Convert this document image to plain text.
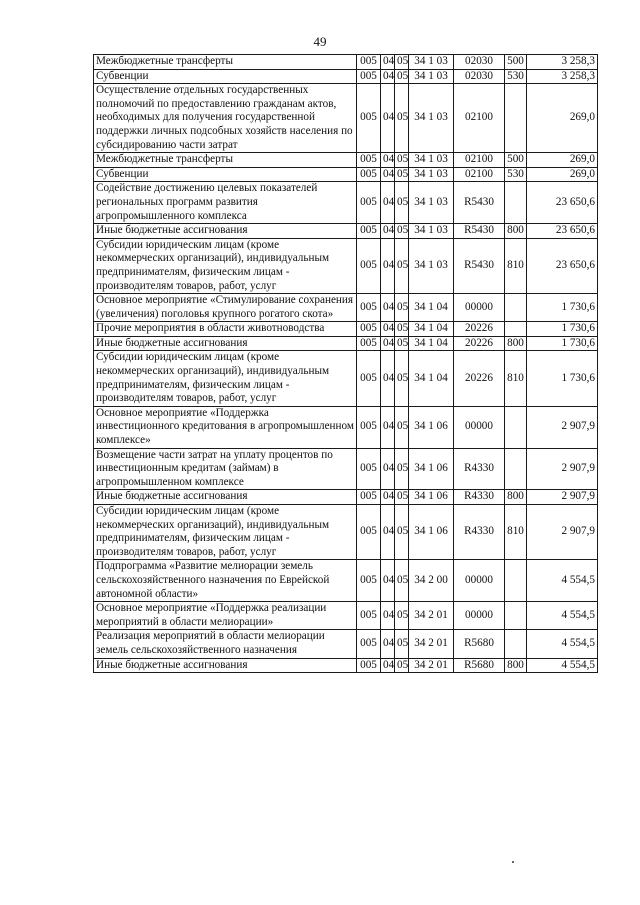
49
Межбюджетные трансферты	005	04	05	34 1 03	02030	500	3 258,3
Субвенции	005	04	05	34 1 03	02030	530	3 258,3
Осуществление отдельных государственных полномочий по предоставлению гражданам актов, необходимых для получения государственной поддержки личных подсобных хозяйств населения по субсидированию части затрат	005	04	05	34 1 03	02100		269,0
Межбюджетные трансферты	005	04	05	34 1 03	02100	500	269,0
Субвенции	005	04	05	34 1 03	02100	530	269,0
Содействие достижению целевых показателей региональных программ развития агропромышленного комплекса	005	04	05	34 1 03	R5430		23 650,6
Иные бюджетные ассигнования	005	04	05	34 1 03	R5430	800	23 650,6
Субсидии юридическим лицам (кроме некоммерческих организаций), индивидуальным предпринимателям, физическим лицам - производителям товаров, работ, услуг	005	04	05	34 1 03	R5430	810	23 650,6
Основное мероприятие «Стимулирование сохранения (увеличения) поголовья крупного рогатого скота»	005	04	05	34 1 04	00000		1 730,6
Прочие мероприятия в области животноводства	005	04	05	34 1 04	20226		1 730,6
Иные бюджетные ассигнования	005	04	05	34 1 04	20226	800	1 730,6
Субсидии юридическим лицам (кроме некоммерческих организаций), индивидуальным предпринимателям, физическим лицам - производителям товаров, работ, услуг	005	04	05	34 1 04	20226	810	1 730,6
Основное мероприятие «Поддержка инвестиционного кредитования в агропромышленном комплексе»	005	04	05	34 1 06	00000		2 907,9
Возмещение части затрат на уплату процентов по инвестиционным кредитам (займам) в агропромышленном комплексе	005	04	05	34 1 06	R4330		2 907,9
Иные бюджетные ассигнования	005	04	05	34 1 06	R4330	800	2 907,9
Субсидии юридическим лицам (кроме некоммерческих организаций), индивидуальным предпринимателям, физическим лицам - производителям товаров, работ, услуг	005	04	05	34 1 06	R4330	810	2 907,9
Подпрограмма «Развитие мелиорации земель сельскохозяйственного назначения по Еврейской автономной области»	005	04	05	34 2 00	00000		4 554,5
Основное мероприятие «Поддержка реализации мероприятий в области мелиорации»	005	04	05	34 2 01	00000		4 554,5
Реализация мероприятий в области мелиорации земель сельскохозяйственного назначения	005	04	05	34 2 01	R5680		4 554,5
Иные бюджетные ассигнования	005	04	05	34 2 01	R5680	800	4 554,5
